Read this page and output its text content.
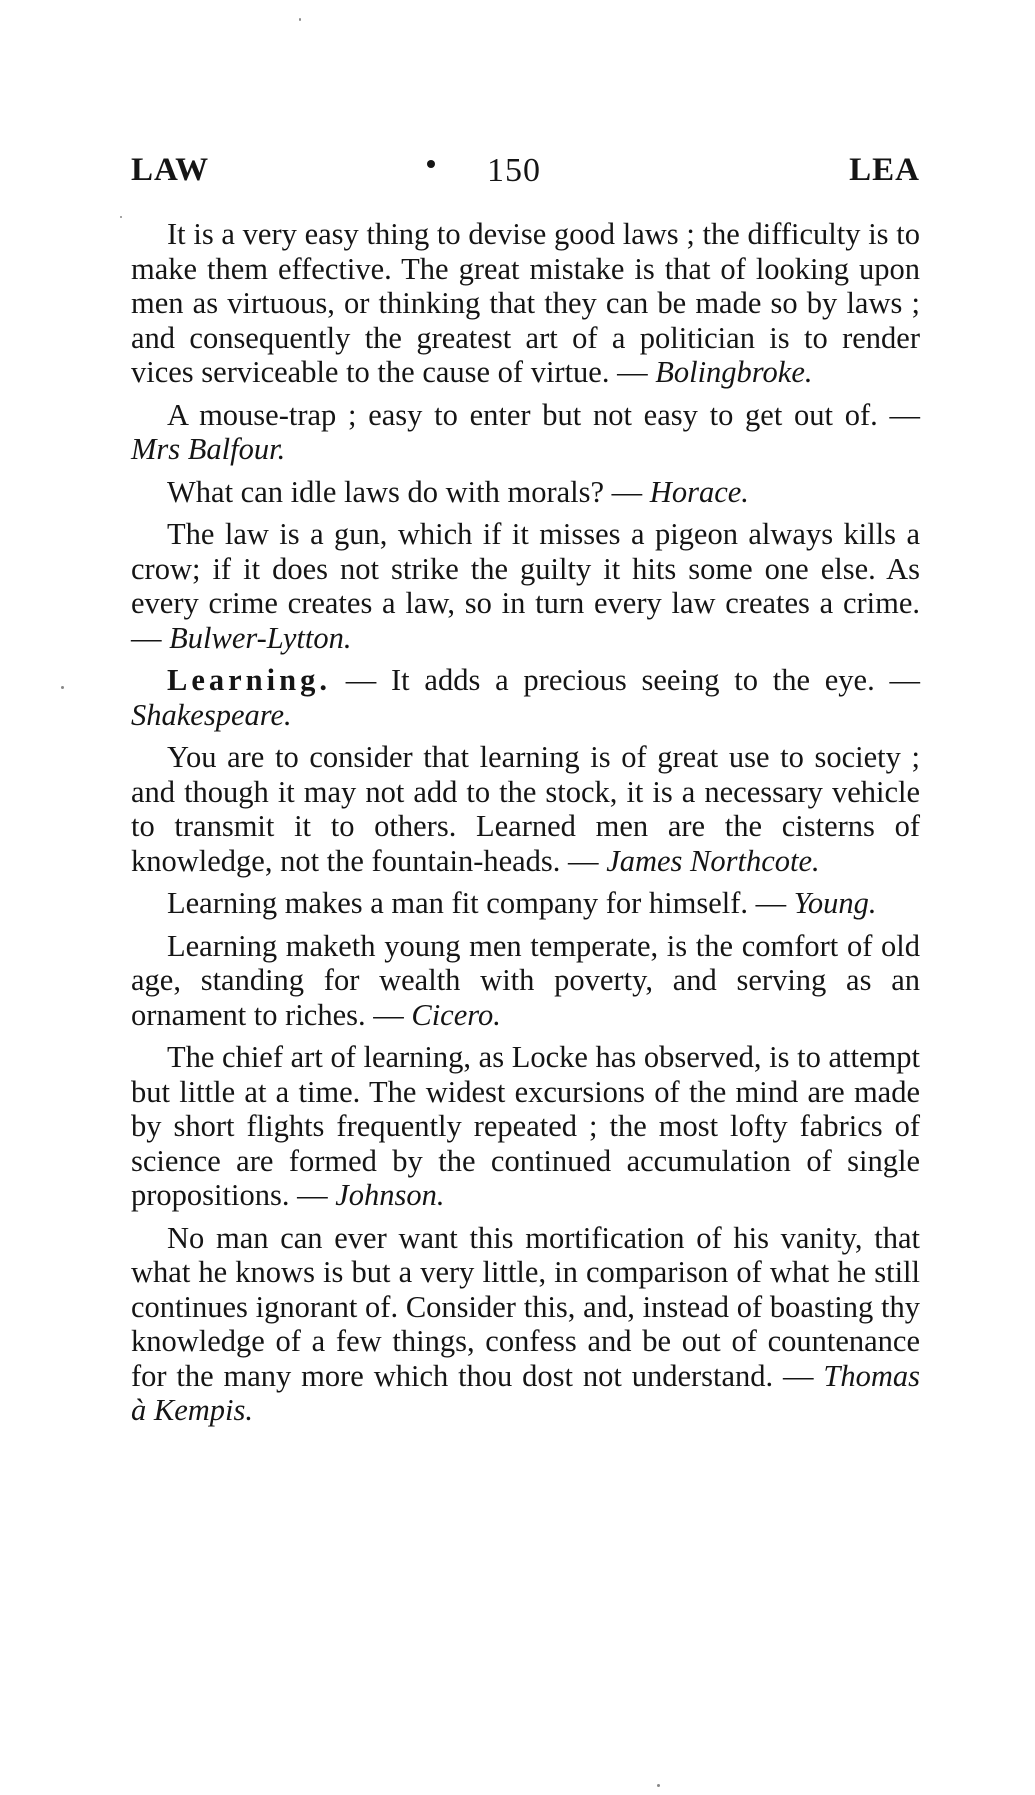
LAW	150	LEA

It is a very easy thing to devise good laws ; the difficulty is to make them effective. The great mistake is that of looking upon men as virtuous, or thinking that they can be made so by laws ; and consequently the greatest art of a politician is to render vices serviceable to the cause of virtue. — Bolingbroke.

A mouse-trap ; easy to enter but not easy to get out of. — Mrs Balfour.

What can idle laws do with morals? — Horace.

The law is a gun, which if it misses a pigeon always kills a crow; if it does not strike the guilty it hits some one else. As every crime creates a law, so in turn every law creates a crime. — Bulwer-Lytton.

Learning. — It adds a precious seeing to the eye. — Shakespeare.

You are to consider that learning is of great use to society ; and though it may not add to the stock, it is a necessary vehicle to transmit it to others. Learned men are the cisterns of knowledge, not the fountain-heads. — James Northcote.

Learning makes a man fit company for himself. — Young.

Learning maketh young men temperate, is the comfort of old age, standing for wealth with poverty, and serving as an ornament to riches. — Cicero.

The chief art of learning, as Locke has observed, is to attempt but little at a time. The widest excursions of the mind are made by short flights frequently repeated ; the most lofty fabrics of science are formed by the continued accumulation of single propositions. — Johnson.

No man can ever want this mortification of his vanity, that what he knows is but a very little, in comparison of what he still continues ignorant of. Consider this, and, instead of boasting thy knowledge of a few things, confess and be out of countenance for the many more which thou dost not understand. — Thomas à Kempis.
